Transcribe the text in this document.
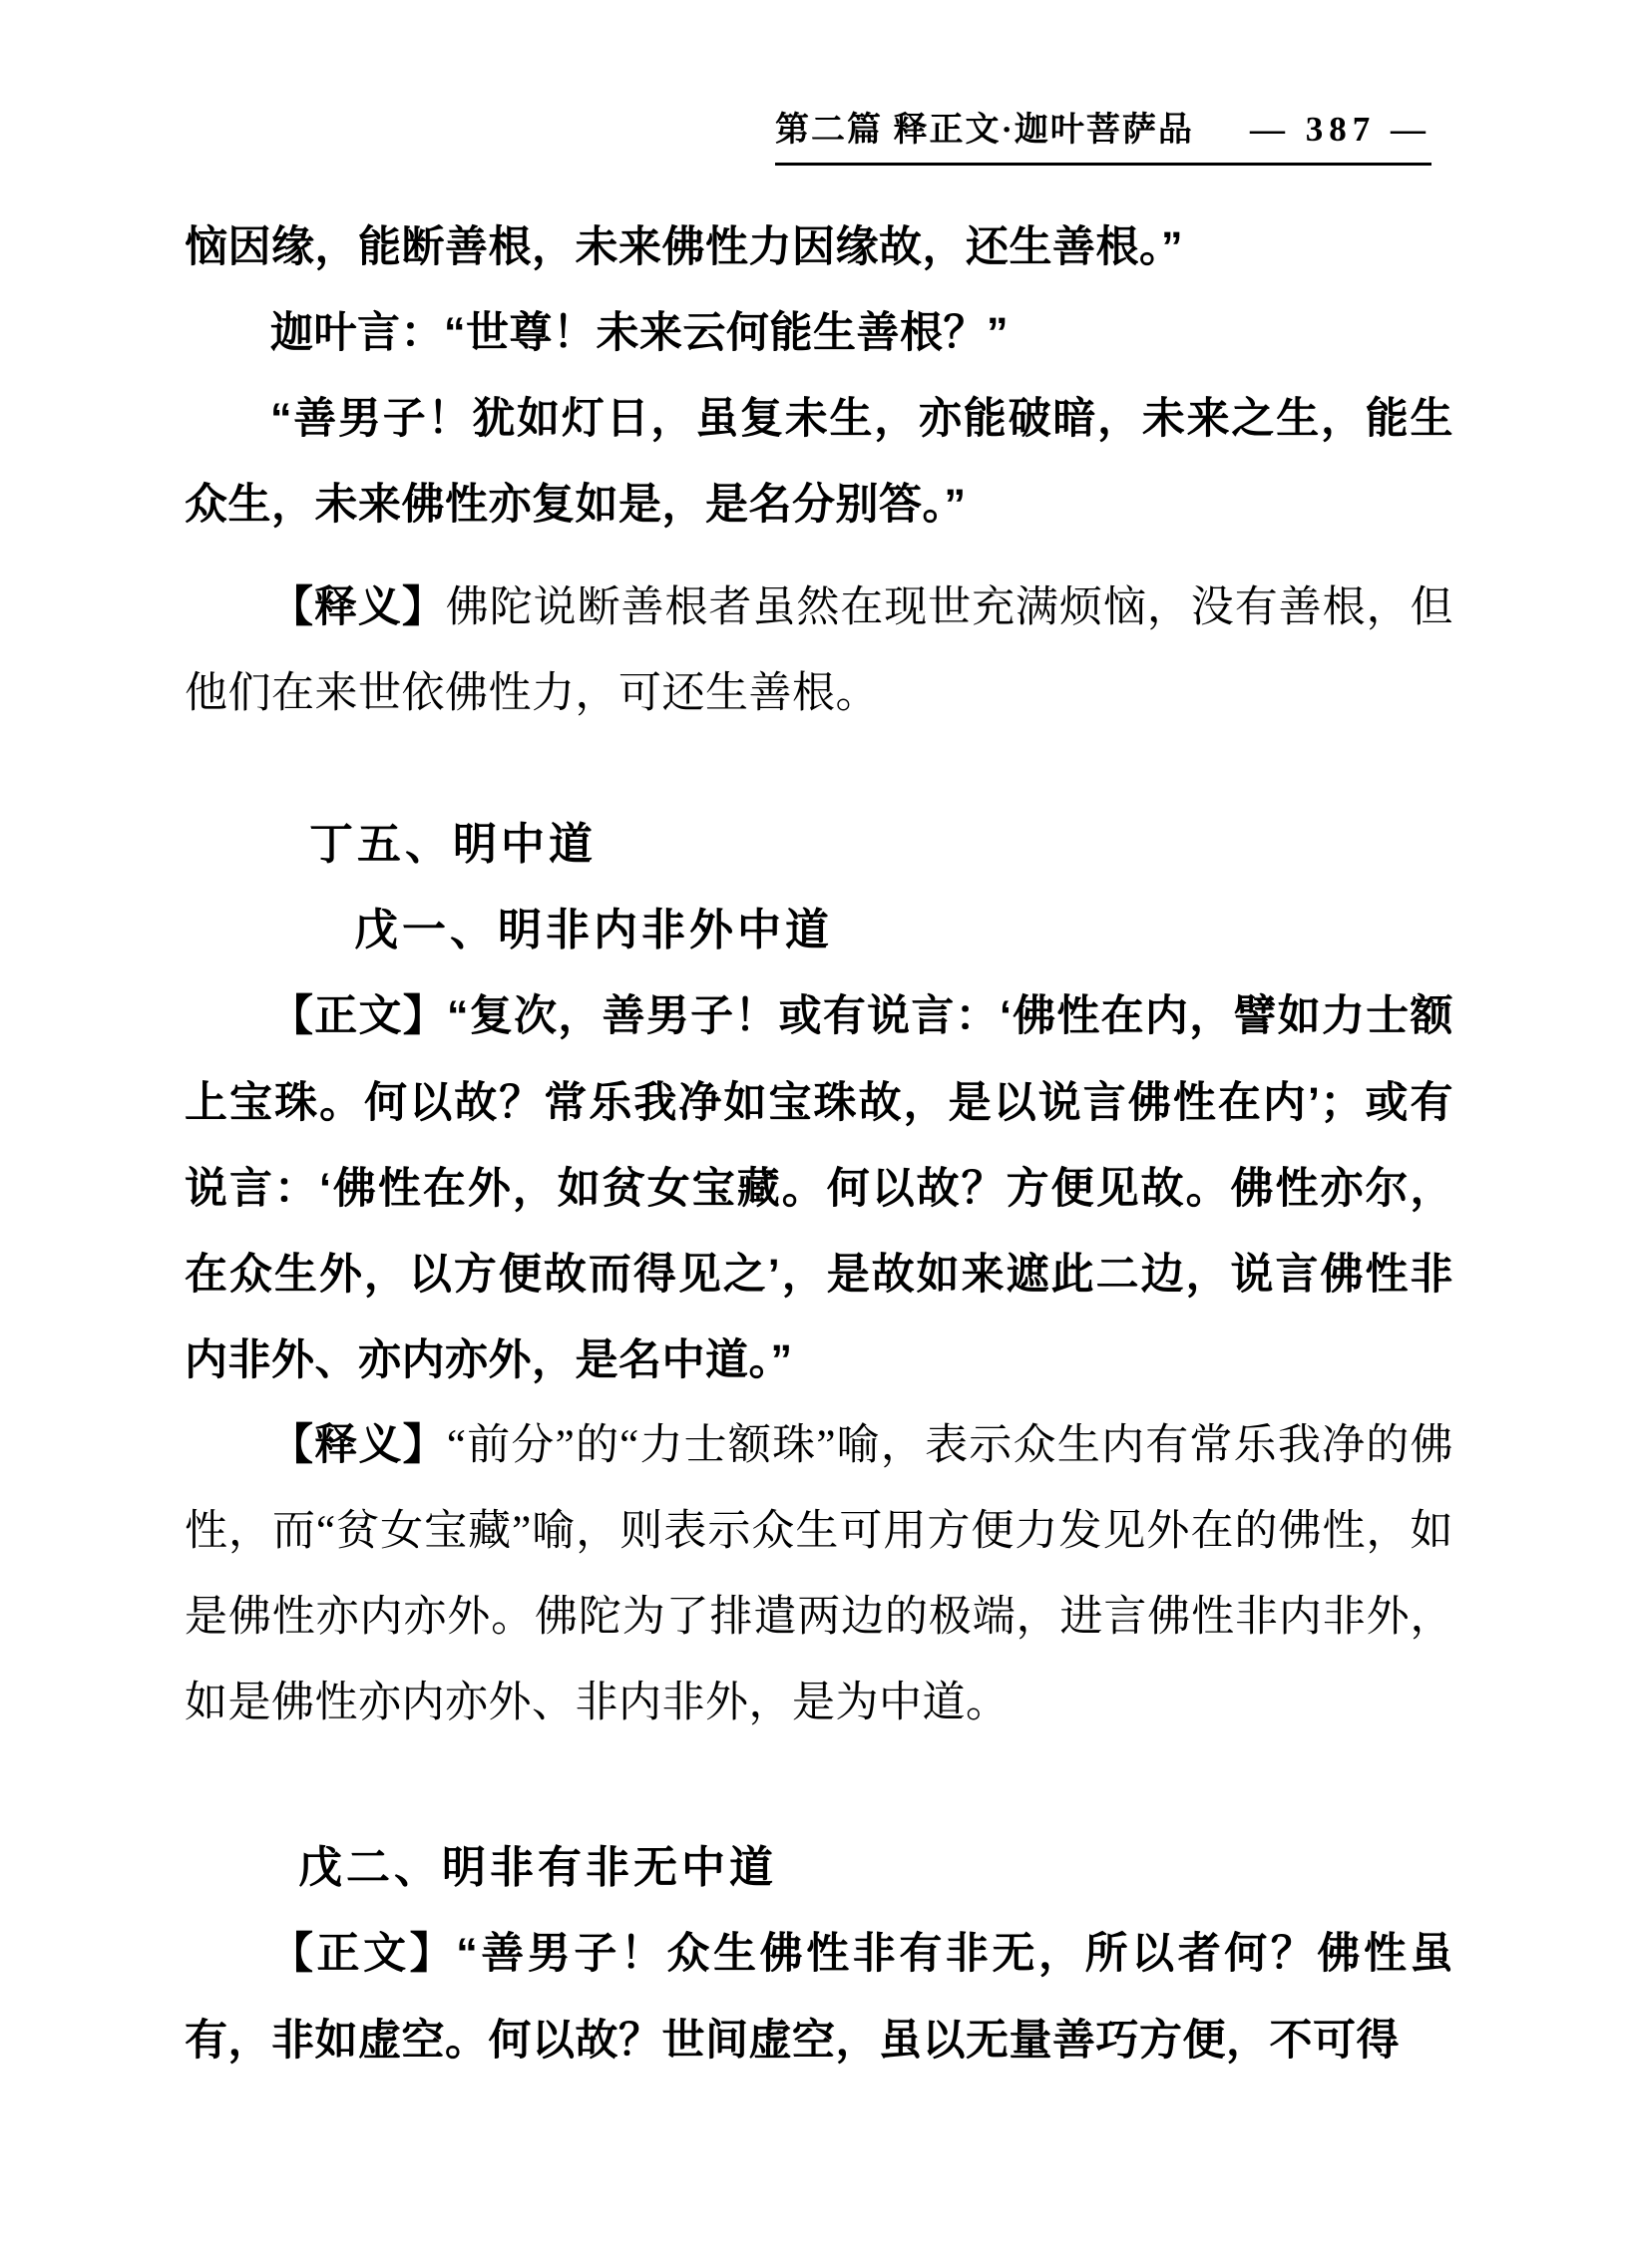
第二篇 释正文·迦叶菩萨品 — 387 —

恼因缘，能断善根，未来佛性力因缘故，还生善根。”

迦叶言：“世尊！未来云何能生善根？”

“善男子！犹如灯日，虽复未生，亦能破暗，未来之生，能生众生，未来佛性亦复如是，是名分别答。”

【释义】佛陀说断善根者虽然在现世充满烦恼，没有善根，但他们在来世依佛性力，可还生善根。

丁五、明中道
戊一、明非内非外中道

【正文】“复次，善男子！或有说言：‘佛性在内，譬如力士额上宝珠。何以故？常乐我净如宝珠故，是以说言佛性在内’；或有说言：‘佛性在外，如贫女宝藏。何以故？方便见故。佛性亦尔，在众生外，以方便故而得见之’，是故如来遮此二边，说言佛性非内非外、亦内亦外，是名中道。”

【释义】“前分”的“力士额珠”喻，表示众生内有常乐我净的佛性，而“贫女宝藏”喻，则表示众生可用方便力发见外在的佛性，如是佛性亦内亦外。佛陀为了排遣两边的极端，进言佛性非内非外，如是佛性亦内亦外、非内非外，是为中道。

戊二、明非有非无中道

【正文】“善男子！众生佛性非有非无，所以者何？佛性虽有，非如虚空。何以故？世间虚空，虽以无量善巧方便，不可得
